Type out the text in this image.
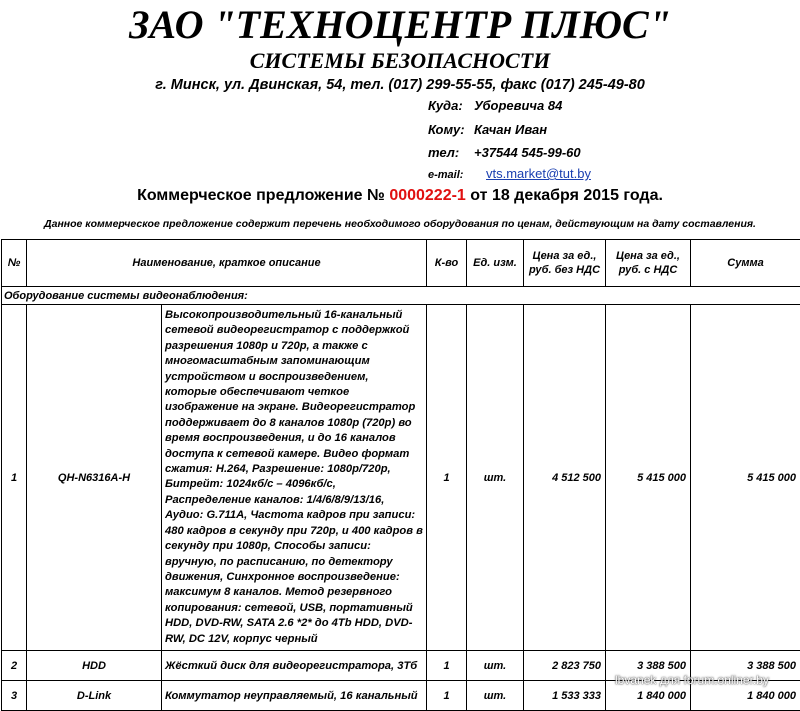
ЗАО "ТЕХНОЦЕНТР ПЛЮС"
СИСТЕМЫ БЕЗОПАСНОСТИ
г. Минск, ул. Двинская, 54, тел. (017) 299-55-55, факс (017) 245-49-80
Куда: Уборевича 84
Кому: Качан Иван
тел: +37544 545-99-60
e-mail: vts.market@tut.by
Коммерческое предложение № 0000222-1 от 18 декабря 2015 года.
Данное коммерческое предложение содержит перечень необходимого оборудования по ценам, действующим на дату составления.
№	Наименование, краткое описание		К-во	Ед. изм.	Цена за ед., руб. без НДС	Цена за ед., руб. с НДС	Сумма
Оборудование системы видеонаблюдения:							
1	QH-N6316A-H	Высокопроизводительный 16-канальный сетевой видеорегистратор с поддержкой разрешения 1080p и 720p, а также с многомасштабным запоминающим устройством и воспроизведением, которые обеспечивают четкое изображение на экране. Видеорегистратор поддерживает до 8 каналов 1080p (720p) во время воспроизведения, и до 16 каналов доступа к сетевой камере. Видео формат сжатия: H.264, Разрешение: 1080p/720p, Битрейт: 1024кб/с – 4096кб/с, Распределение каналов: 1/4/6/8/9/13/16, Аудио: G.711A, Частота кадров при записи: 480 кадров в секунду при 720p, и 400 кадров в секунду при 1080p, Способы записи: вручную, по расписанию, по детектору движения, Синхронное воспроизведение: максимум 8 каналов. Метод резервного копирования: сетевой, USB, портативный HDD, DVD-RW, SATA 2.6 *2* до 4Tb HDD, DVD-RW, DC 12V, корпус черный	1	шт.	4 512 500	5 415 000	5 415 000
2	HDD	Жёсткий диск для видеорегистратора, 3Тб	1	шт.	2 823 750	3 388 500	3 388 500
3	D-Link	Коммутатор неуправляемый, 16 канальный	1	шт.	1 533 333	1 840 000	1 840 000
lbvanek для forum.onliner.by
